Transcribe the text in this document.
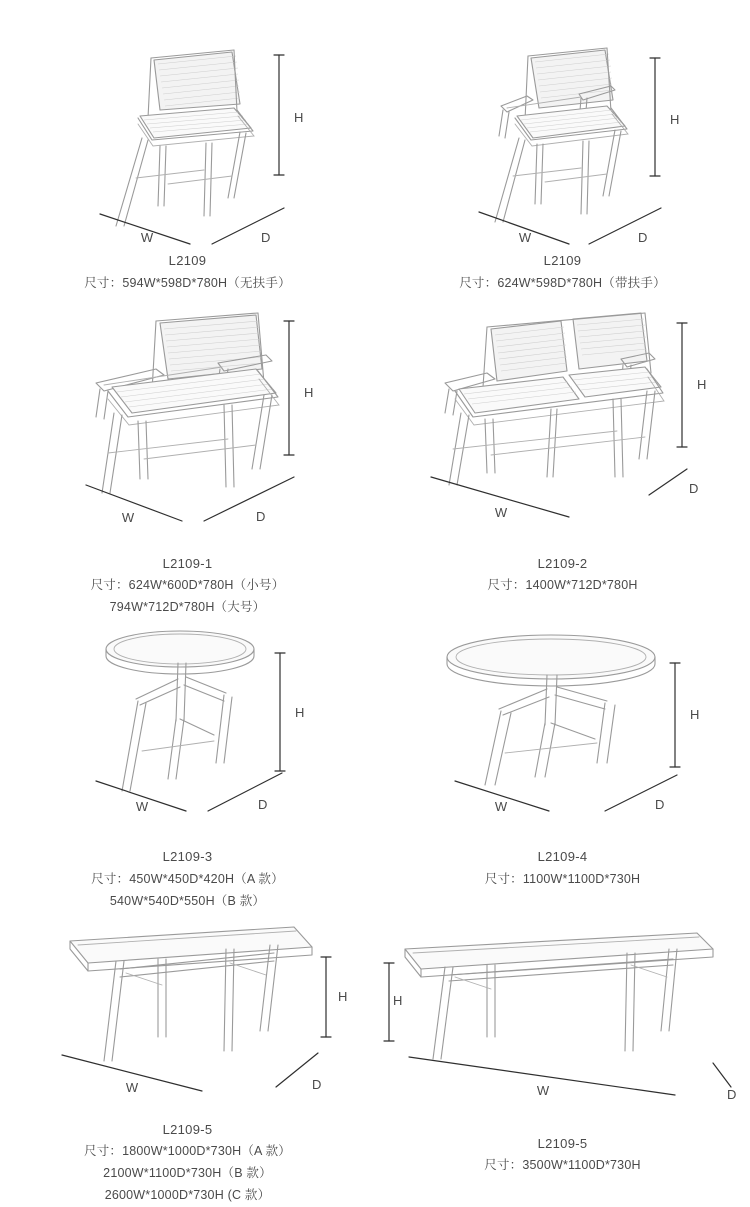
H
W	D
L2109
尺寸：594W*598D*780H（无扶手）
H
W	D
L2109
尺寸：624W*598D*780H（带扶手）
H
W	D
L2109-1
尺寸：624W*600D*780H（小号）
794W*712D*780H（大号）
H
W
D
L2109-2
尺寸：1400W*712D*780H
H
W	D
L2109-3
尺寸：450W*450D*420H（A 款）
540W*540D*550H（B 款）
H
W	D
L2109-4
尺寸：1100W*1100D*730H
H
W	D
L2109-5
尺寸：1800W*1000D*730H（A 款）
2100W*1100D*730H（B 款）
2600W*1000D*730H (C 款）
H
W	D
L2109-5
尺寸：3500W*1100D*730H
